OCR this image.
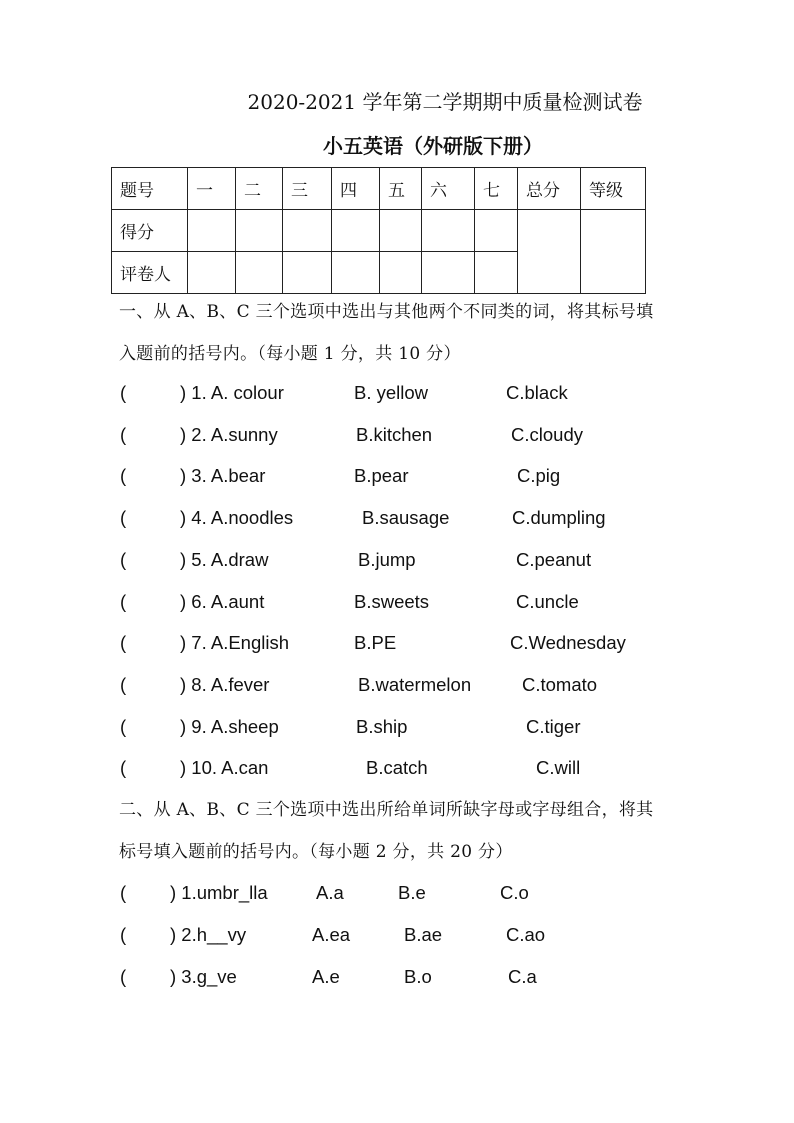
2020-2021 学年第二学期期中质量检测试卷
小五英语（外研版下册）
题号	一	二	三	四	五	六	七	总分	等级
得分									
评卷人									
一、从 A、B、C 三个选项中选出与其他两个不同类的词，将其标号填
入题前的括号内。（每小题 1 分，共 10 分）
(	) 1. A. colour	B. yellow	C.black
(	) 2. A.sunny	B.kitchen	C.cloudy
(	) 3. A.bear	B.pear	C.pig
(	) 4. A.noodles	B.sausage	C.dumpling
(	) 5. A.draw	B.jump	C.peanut
(	) 6. A.aunt	B.sweets	C.uncle
(	) 7. A.English	B.PE	C.Wednesday
(	) 8. A.fever	B.watermelon	C.tomato
(	) 9. A.sheep	B.ship	C.tiger
(	) 10. A.can	B.catch	C.will
二、从 A、B、C 三个选项中选出所给单词所缺字母或字母组合，将其
标号填入题前的括号内。（每小题 2 分，共 20 分）
( ) 1.umbr_lla	A.a	B.e	C.o
( ) 2.h__vy	A.ea	B.ae	C.ao
( ) 3.g_ve	A.e	B.o	C.a
